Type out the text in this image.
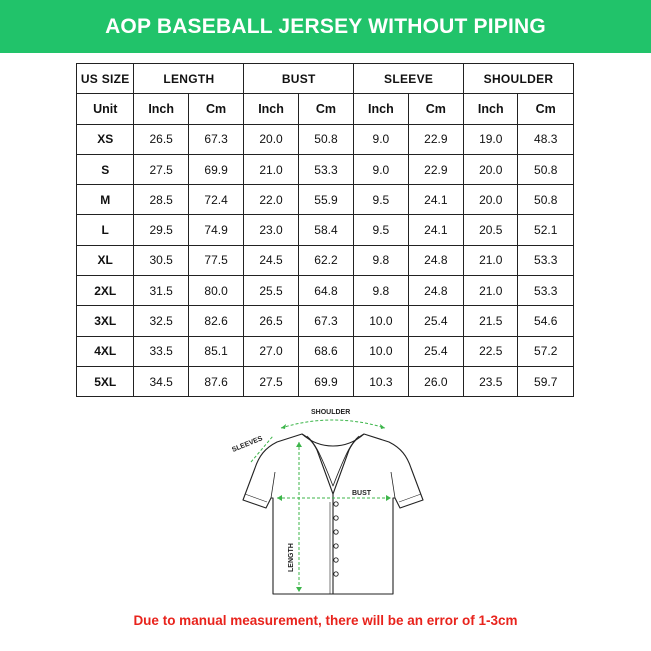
AOP BASEBALL JERSEY WITHOUT PIPING
US SIZE	LENGTH		BUST		SLEEVE		SHOULDER	
Unit	Inch	Cm	Inch	Cm	Inch	Cm	Inch	Cm
XS	26.5	67.3	20.0	50.8	9.0	22.9	19.0	48.3
S	27.5	69.9	21.0	53.3	9.0	22.9	20.0	50.8
M	28.5	72.4	22.0	55.9	9.5	24.1	20.0	50.8
L	29.5	74.9	23.0	58.4	9.5	24.1	20.5	52.1
XL	30.5	77.5	24.5	62.2	9.8	24.8	21.0	53.3
2XL	31.5	80.0	25.5	64.8	9.8	24.8	21.0	53.3
3XL	32.5	82.6	26.5	67.3	10.0	25.4	21.5	54.6
4XL	33.5	85.1	27.0	68.6	10.0	25.4	22.5	57.2
5XL	34.5	87.6	27.5	69.9	10.3	26.0	23.5	59.7
SHOULDER
SLEEVES
BUST
LENGTH
Due to manual measurement, there will be an error of 1-3cm
